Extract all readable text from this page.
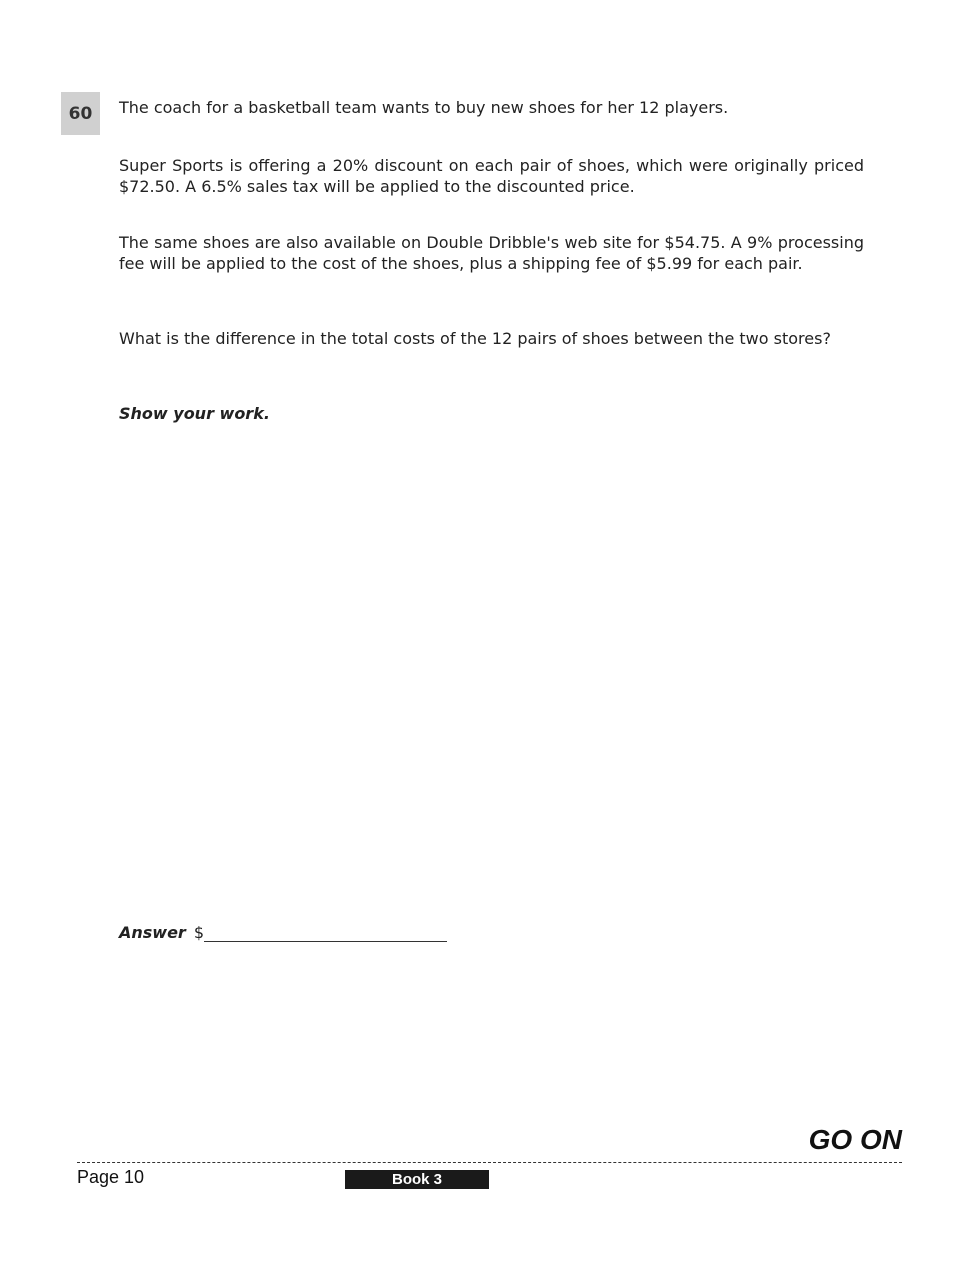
60 The coach for a basketball team wants to buy new shoes for her 12 players.

Super Sports is offering a 20% discount on each pair of shoes, which were originally priced $72.50. A 6.5% sales tax will be applied to the discounted price.

The same shoes are also available on Double Dribble's web site for $54.75. A 9% processing fee will be applied to the cost of the shoes, plus a shipping fee of $5.99 for each pair.

What is the difference in the total costs of the 12 pairs of shoes between the two stores?

Show your work.

Answer $
GO ON
Page 10	Book 3
